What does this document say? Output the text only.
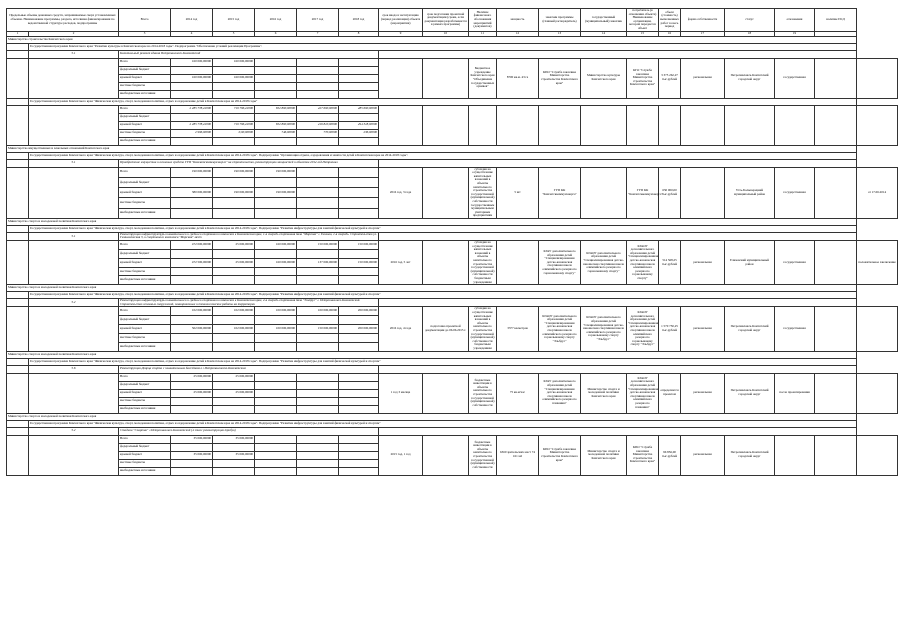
Предельные объемы денежных средств, запрашиваемые сверх установленных объемов. Наименование программы, раздела, источника финансирования по ведомственной структуре расходов, подпрограммы		Всего	2014 год	2015 год	2016 год	2017 год	2018 год	срок ввода в эксплуатацию (период реализации) объекта (мероприятия)	срок подготовки проектной документации (сроки, если документация разрабатывается в рамках программы)	Наличие финансового обоснования мероприятий (документов)	мощность	заказчик программы (главный распорядитель)	государственный (муниципальный) заказчик	потребитель (в отношении объекта) Наименование организации, которой передается объект	объем (стоимость) выполненных работ за весь период	форма собственности	статус	отклонения	наличие ПСД	
1	2	3	4	5	6	7	8	9	10	11	12	13	14	15	16	17	18	19		
Министерство строительства Камчатского края																				
	Государственная программа Камчатского края "Развитие культуры в Камчатском крае на 2014-2018 годы". Подпрограмма "Обеспечение условий реализации Программы".																			
	5.1	Капитальный ремонт здания Петропавловск-Камчатский																		
		Всего	160 000,00000	160 000,00000						Бюджетное учреждение Камчатского края "Объединение государственных архивов"	8700 кв.м. 43 га	КПО "Служба заказчика Министерства строительства Камчатского края"	Министерство культуры Камчатского края	КГО "Служба заказчика Министерства строительства Камчатского края"	3 375 262,27 тыс.рублей	региональная	Петропавловск-Камчатский городской округ	государственная		
		федеральный бюджет																		
		краевой бюджет	160 000,00000	160 000,00000																
		местные бюджеты																		
		внебюджетные источники																		
	Государственная программа Камчатского края "Физическая культура, спорт, молодежная политика, отдых и оздоровление детей в Камчатском крае на 2014-2018 годы"																			
		Всего	2 285 778,22000	719 796,22000	652 800,00000	427 600,00000	485 600,00000													
		федеральный бюджет																		
		краевой бюджет	2 285 778,22000	719 796,22000	652 800,00000	416 810,00000	494 318,00000													
		местные бюджеты	2 996,00000	0,00,00000	746,00000	770,00000	236,00000													
		внебюджетные источники																		
Министерство имущественных и земельных отношений Камчатского края																				
	Государственная программа Камчатского края "Физическая культура, спорт, молодежная политика, отдых и оздоровление детей в Камчатском крае на 2014-2018 годы". Подпрограмма "Организация отдыха, оздоровления и занятости детей в Камчатском крае на 2014-2018 годы".																			
	5.1	Приобретение имущества и основных средств ГУП "Камчатсккоммунэнерго" на строительство, реконструкцию мощностей и объектов 2014 год.Петропавл																		
		Всего	190 000,00000	190 000,00000	190 000,00000			2016 год, 3 года		субсидия на осуществление капитальных вложений в объекты капитального строительства государственной (муниципальной) собственности государственным муниципальным унитарным предприятиям	5 шт	ГУП КК "Камчатсккоммунэнерго"		ГУП КК "Камчатсккоммунэнерго"	650 000,00 тыс.рублей		Усть-Большерецкий муниципальный район	государственная		от 17.06.2014
		федеральный бюджет																		
		краевой бюджет	380 000,00000	190 000,00000	190 000,00000															
		местные бюджеты																		
		внебюджетные источники																		
Министерство спорта и молодежной политики Камчатского края																				
	Государственная программа Камчатского края "Физическая культура, спорт, молодежная политика, отдых и оздоровление детей в Камчатском крае на 2014-2018 годы". Подпрограмма "Развитие инфраструктуры для занятий физической культурой и спортом"																			
	5.1	Реконструкция инфраструктуры плавательного и гребного спортивного комплекса в Камчатском крае, 1-я очередь спортивная база "Морская" г. Елизово, 1-я очередь. Строительство ул. Гимназическая 3, и спортивного комплекса "Морская" мест																		
		Всего	472 000,00000	25 000,00000	160 000,00000	150 000,00000	150 000,00000	2016 год, 5 лет		субсидия на осуществление капитальных вложений в объекты капитального строительства государственной (муниципальной) собственности бюджетным учреждениям		КГАУ дополнительного образования детей "Специализированная детско-юношеская спортивная школа олимпийского резерва по горнолыжному спорту"	КГАОУ дополнительного образования детей "Специализированная детско-юношеская спортивная школа олимпийского резерва по горнолыжному спорту"	КГАОУ дополнительного образования детей "Специализированная детско-юношеская спортивная школа олимпийского резерва по горнолыжному спорту"	514 568,25 тыс.рублей	региональная	Елизовский муниципальный район	государственная		положительное заключение
		федеральный бюджет																		
		краевой бюджет	472 500,00000	25 000,00000	160 000,00000	137 000,00000	150 000,00000													
		местные бюджеты																		
		внебюджетные источники																		
Министерство спорта и молодежной политики Камчатского края																				
	Государственная программа Камчатского края "Физическая культура, спорт, молодежная политика, отдых и оздоровление детей в Камчатском крае на 2014-2018 годы". Подпрограмма "Развитие инфраструктуры для занятий физической культурой и спортом"																			
	5.2	Реконструкция инфраструктуры плавательного и гребного спортивного комплекса в Камчатском крае, 2-я очередь спортивная база "Эльбрус" г. Петропавловск-Камчатский. Строительство основных сооружений, планировочные и технологические работы на территории																		
		Всего	102 000,00000	102 000,00000	100 000,00000	100 000,00000	200 000,00000	2016 год, 4 года	подготовка проектной документации до 06.06.2015 г.	субсидия на осуществление капитальных вложений в объекты капитального строительства государственной (муниципальной) собственности бюджетным учреждениям	3377 кв.метров	КГАОУ дополнительного образования детей "Специализированная детско-юношеская спортивная школа олимпийского резерва по горнолыжному спорту "Эльбрус"	КГАОУ дополнительного образования детей "Специализированная детско-юношеская спортивная школа олимпийского резерва по горнолыжному спорту "Эльбрус"	КГАОУ дополнительного образования детей "Специализированная детско-юношеская спортивная школа олимпийского резерва по горнолыжному спорту "Эльбрус"	1 570 750,25 тыс.рублей	региональная	Петропавловск-Камчатский городской округ	государственная		
		федеральный бюджет																		
		краевой бюджет	502 000,00000	102 000,00000	100 000,00000	150 000,00000	200 000,00000													
		местные бюджеты																		
		внебюджетные источники																		
Министерство спорта и молодежной политики Камчатского края																				
	Государственная программа Камчатского края "Физическая культура, спорт, молодежная политика, отдых и оздоровление детей в Камчатском крае на 2014-2018 годы". Подпрограмма "Развитие инфраструктуры для занятий физической культурой и спортом"																			
	5.6	Реконструкция Дворца спорта с плавательным бассейном в г.Петропавловске-Камчатском																		
		Всего	25 000,00000	25 000,00000				1 год 3 месяца		бюджетные инвестиции в объекты капитального строительства государственной (муниципальной) собственности	75 кв.м/час	КГАУ дополнительного образования детей "Специализированная детско-юношеская спортивная школа олимпийского резерва по плаванию"	Министерство спорта и молодежной политики Камчатского края	КГАОУ дополнительного образования детей "Специализированная детско-юношеская спортивная школа олимпийского резерва по плаванию"	определяется проектом	региональная	Петропавловск-Камчатский городской округ	после проектирования		
		федеральный бюджет																		
		краевой бюджет	25 000,00000	25 000,00000																
		местные бюджеты																		
		внебюджетные источники																		
Министерство спорта и молодежной политики Камчатского края																				
	Государственная программа Камчатского края "Физическая культура, спорт, молодежная политика, отдых и оздоровление детей в Камчатском крае на 2014-2018 годы". Подпрограмма "Развитие инфраструктуры для занятий физической культурой и спортом"																			
	5.2	Стадион "Спартак" г.Петропавловск-Камчатский (4 этап: реконструкция трибун)																		
		Всего	35 000,00000	35 000,00000				2015 год, 1 год		бюджетные инвестиции в объекты капитального строительства государственной (муниципальной) собственности	6360 зрительских мест 74 161 м2	КПО "Служба заказчика Министерства строительства Камчатского края"	Министерство спорта и молодежной политики Камчатского края	КПО "Служба заказчика Министерства строительства Камчатского края"	96 856,00 тыс.рублей	региональная	Петропавловск-Камчатский городской округ			
		федеральный бюджет																		
		краевой бюджет	35 000,00000	35 000,00000																
		местные бюджеты																		
		внебюджетные источники																		
